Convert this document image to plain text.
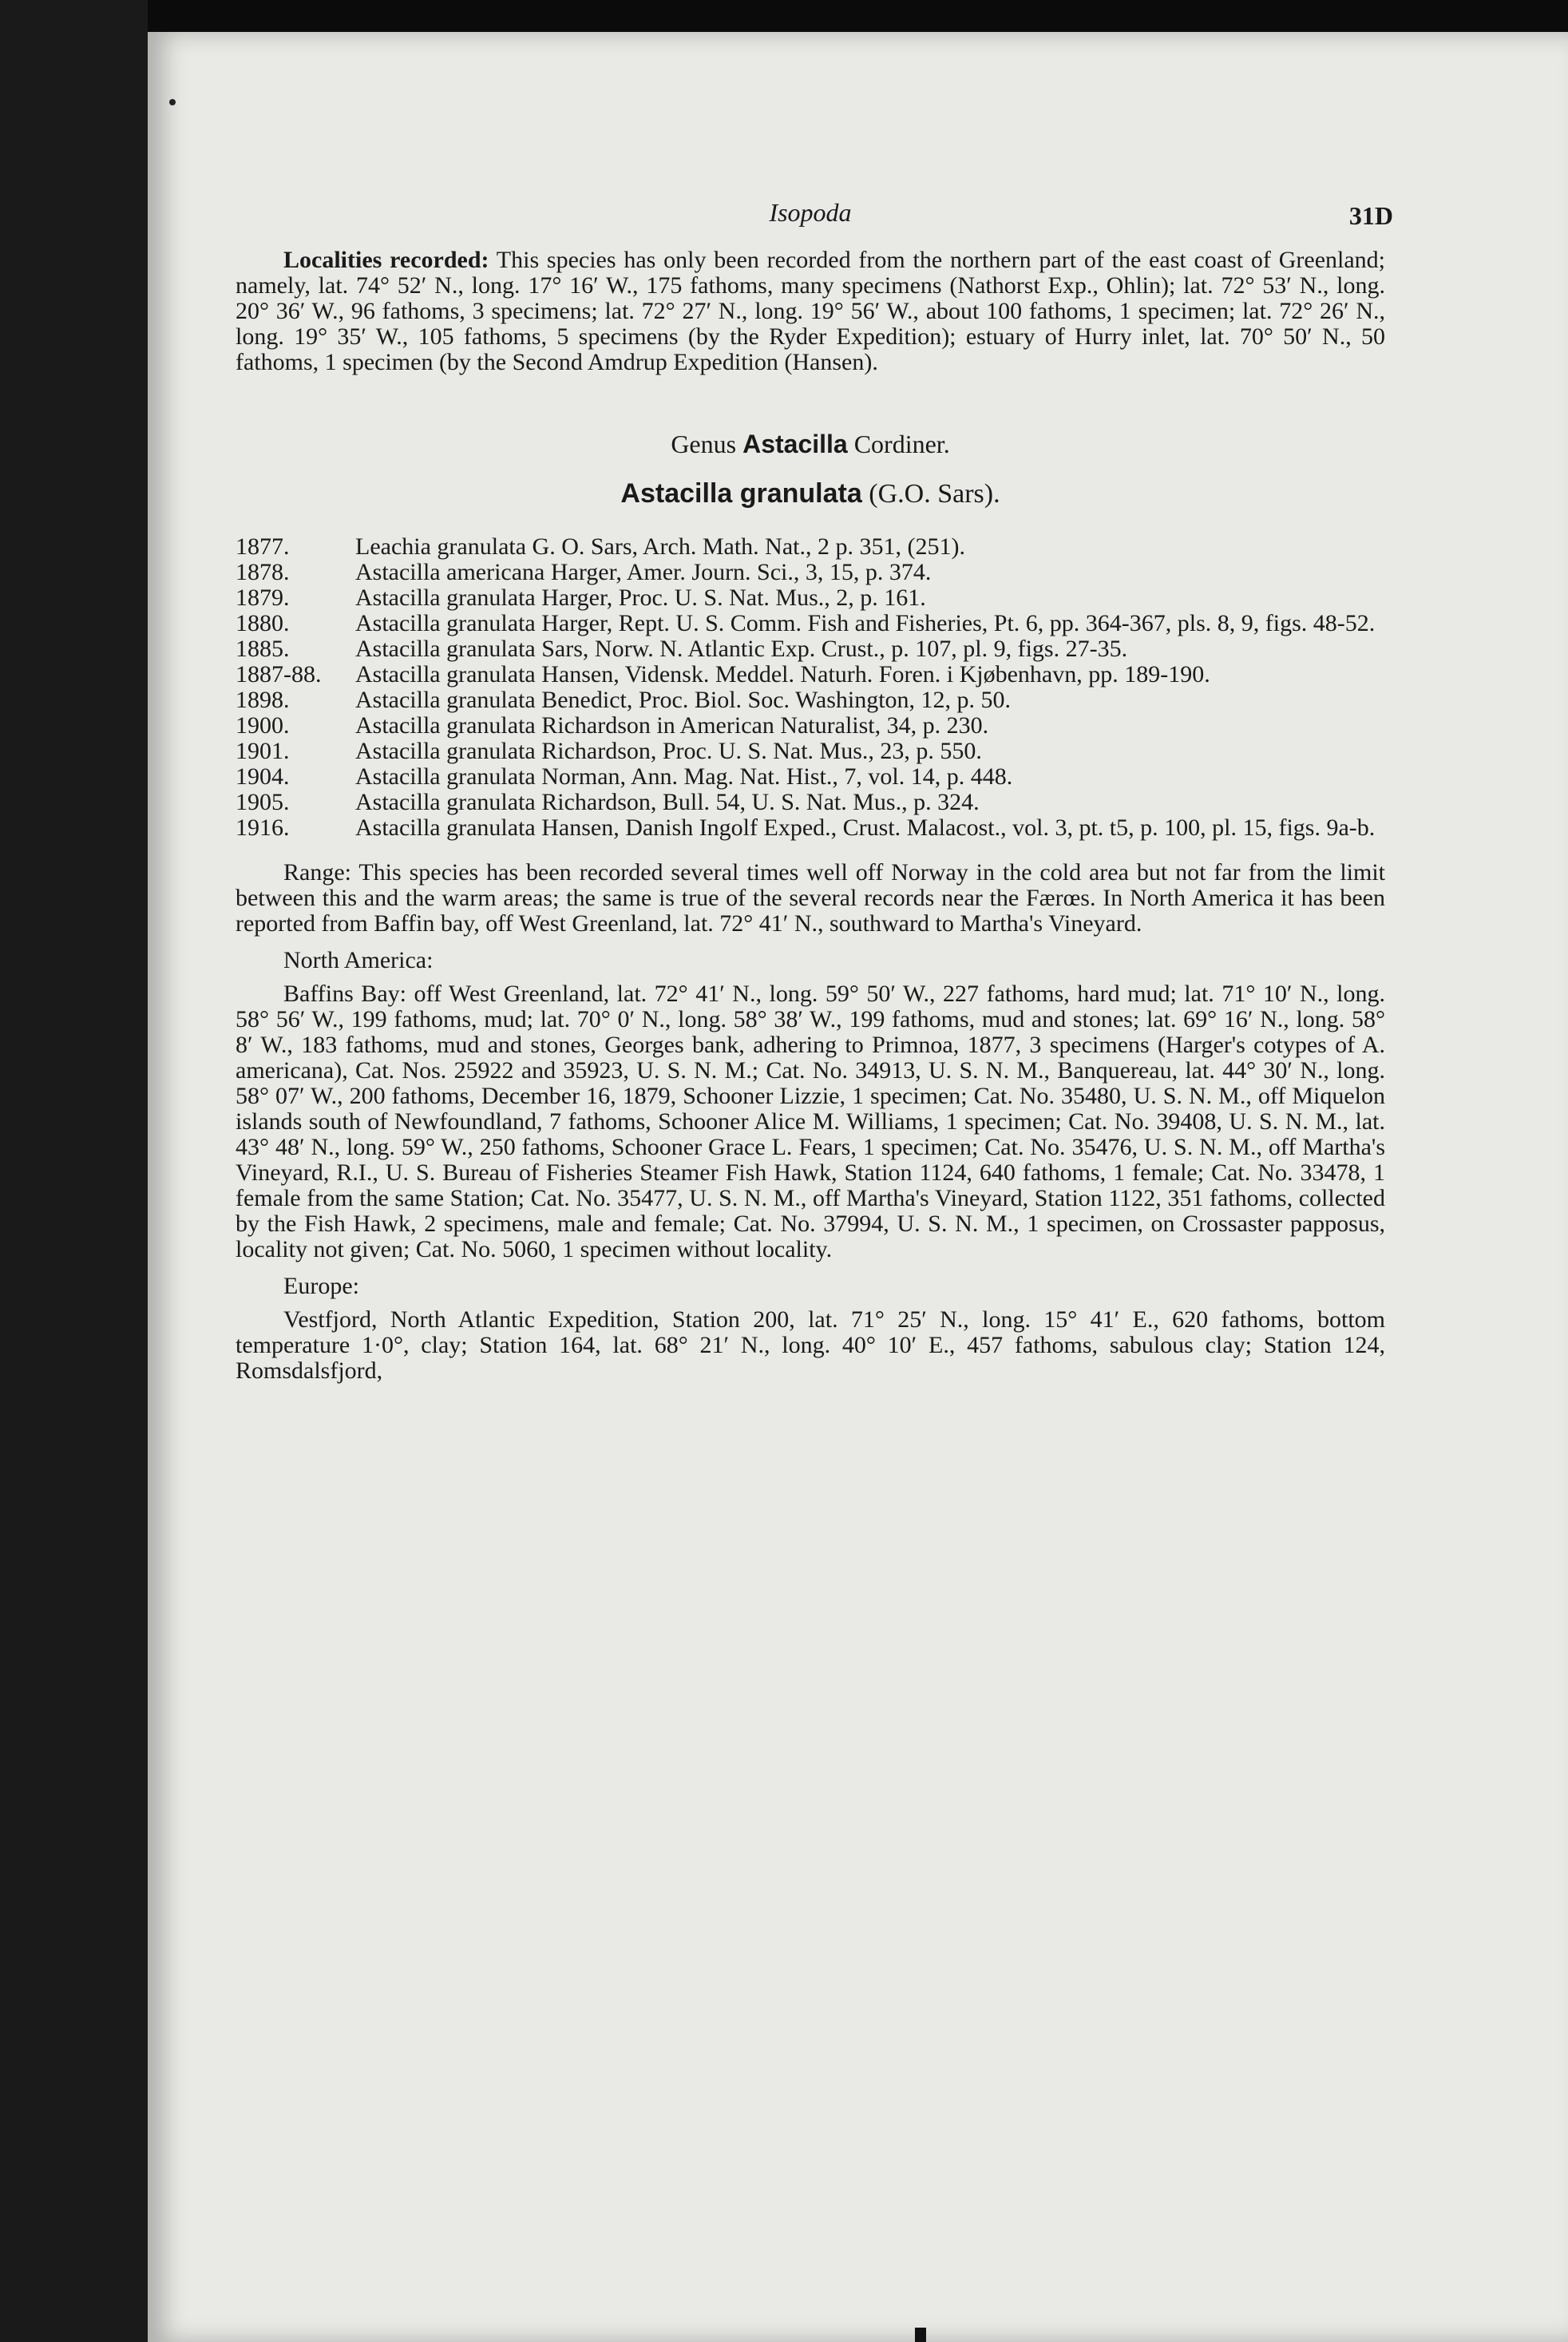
Isopoda	31D

Localities recorded: This species has only been recorded from the northern part of the east coast of Greenland; namely, lat. 74° 52′ N., long. 17° 16′ W., 175 fathoms, many specimens (Nathorst Exp., Ohlin); lat. 72° 53′ N., long. 20° 36′ W., 96 fathoms, 3 specimens; lat. 72° 27′ N., long. 19° 56′ W., about 100 fathoms, 1 specimen; lat. 72° 26′ N., long. 19° 35′ W., 105 fathoms, 5 specimens (by the Ryder Expedition); estuary of Hurry inlet, lat. 70° 50′ N., 50 fathoms, 1 specimen (by the Second Amdrup Expedition (Hansen).

Genus Astacilla Cordiner.
Astacilla granulata (G.O. Sars).
1877.	Leachia granulata G. O. Sars, Arch. Math. Nat., 2 p. 351, (251).
1878.	Astacilla americana Harger, Amer. Journ. Sci., 3, 15, p. 374.
1879.	Astacilla granulata Harger, Proc. U. S. Nat. Mus., 2, p. 161.
1880.	Astacilla granulata Harger, Rept. U. S. Comm. Fish and Fisheries, Pt. 6, pp. 364-367, pls. 8, 9, figs. 48-52.
1885.	Astacilla granulata Sars, Norw. N. Atlantic Exp. Crust., p. 107, pl. 9, figs. 27-35.
1887-88.	Astacilla granulata Hansen, Vidensk. Meddel. Naturh. Foren. i Kjøbenhavn, pp. 189-190.
1898.	Astacilla granulata Benedict, Proc. Biol. Soc. Washington, 12, p. 50.
1900.	Astacilla granulata Richardson in American Naturalist, 34, p. 230.
1901.	Astacilla granulata Richardson, Proc. U. S. Nat. Mus., 23, p. 550.
1904.	Astacilla granulata Norman, Ann. Mag. Nat. Hist., 7, vol. 14, p. 448.
1905.	Astacilla granulata Richardson, Bull. 54, U. S. Nat. Mus., p. 324.
1916.	Astacilla granulata Hansen, Danish Ingolf Exped., Crust. Malacost., vol. 3, pt. t5, p. 100, pl. 15, figs. 9a-b.

Range: This species has been recorded several times well off Norway in the cold area but not far from the limit between this and the warm areas; the same is true of the several records near the Færœs. In North America it has been reported from Baffin bay, off West Greenland, lat. 72° 41′ N., southward to Martha's Vineyard.

North America:

Baffins Bay: off West Greenland, lat. 72° 41′ N., long. 59° 50′ W., 227 fathoms, hard mud; lat. 71° 10′ N., long. 58° 56′ W., 199 fathoms, mud; lat. 70° 0′ N., long. 58° 38′ W., 199 fathoms, mud and stones; lat. 69° 16′ N., long. 58° 8′ W., 183 fathoms, mud and stones, Georges bank, adhering to Primnoa, 1877, 3 specimens (Harger's cotypes of A. americana), Cat. Nos. 25922 and 35923, U. S. N. M.; Cat. No. 34913, U. S. N. M., Banquereau, lat. 44° 30′ N., long. 58° 07′ W., 200 fathoms, December 16, 1879, Schooner Lizzie, 1 specimen; Cat. No. 35480, U. S. N. M., off Miquelon islands south of Newfoundland, 7 fathoms, Schooner Alice M. Williams, 1 specimen; Cat. No. 39408, U. S. N. M., lat. 43° 48′ N., long. 59° W., 250 fathoms, Schooner Grace L. Fears, 1 specimen; Cat. No. 35476, U. S. N. M., off Martha's Vineyard, R.I., U. S. Bureau of Fisheries Steamer Fish Hawk, Station 1124, 640 fathoms, 1 female; Cat. No. 33478, 1 female from the same Station; Cat. No. 35477, U. S. N. M., off Martha's Vineyard, Station 1122, 351 fathoms, collected by the Fish Hawk, 2 specimens, male and female; Cat. No. 37994, U. S. N. M., 1 specimen, on Crossaster papposus, locality not given; Cat. No. 5060, 1 specimen without locality.

Europe:

Vestfjord, North Atlantic Expedition, Station 200, lat. 71° 25′ N., long. 15° 41′ E., 620 fathoms, bottom temperature 1·0°, clay; Station 164, lat. 68° 21′ N., long. 40° 10′ E., 457 fathoms, sabulous clay; Station 124, Romsdalsfjord,
